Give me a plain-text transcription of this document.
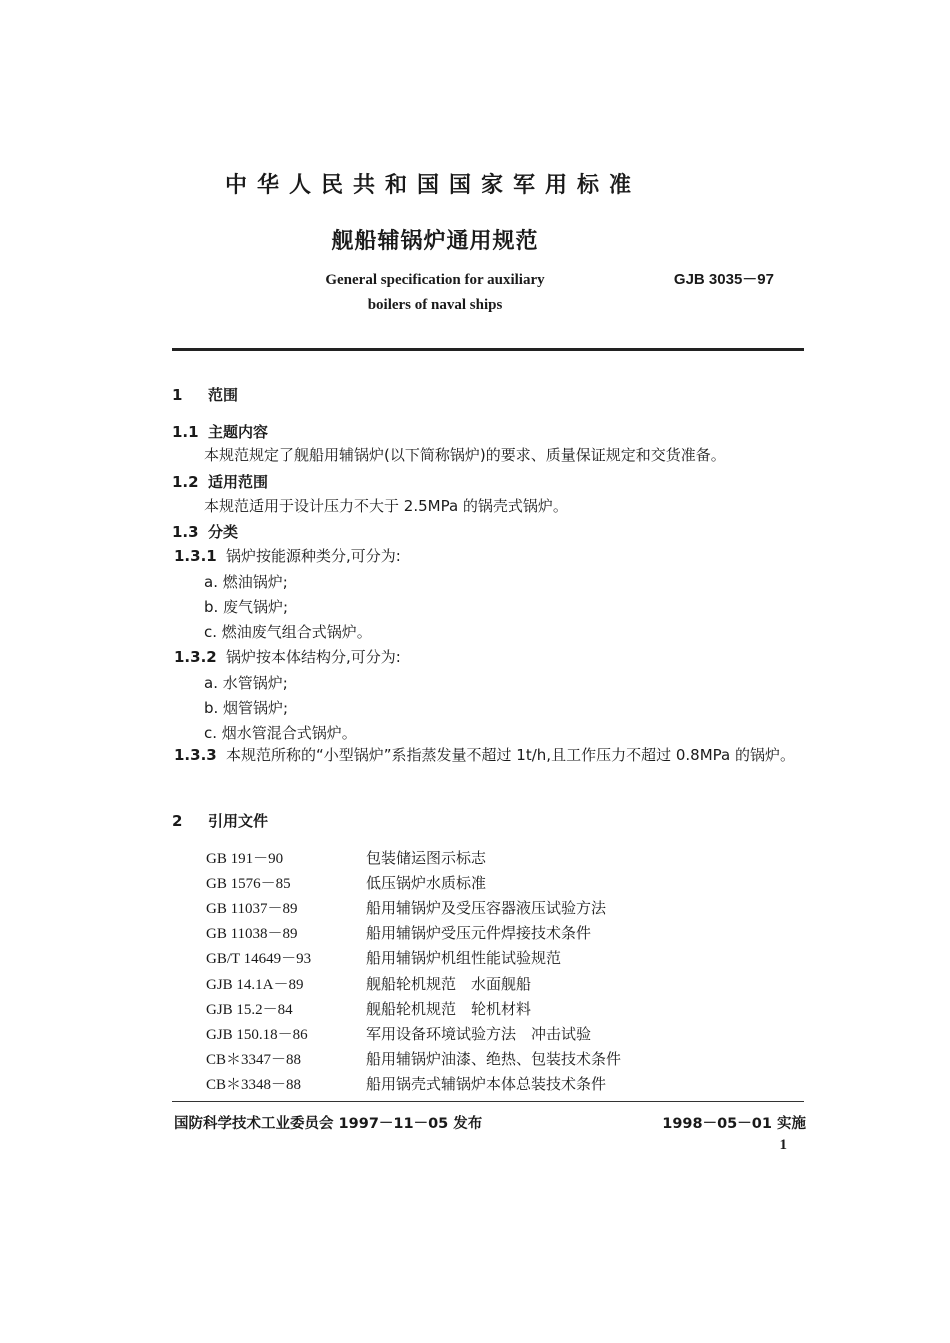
中华人民共和国国家军用标准
舰船辅锅炉通用规范
General specification for auxiliary
boilers of naval ships
GJB 3035－97
1 范围
1.1 主题内容
本规范规定了舰船用辅锅炉(以下简称锅炉)的要求、质量保证规定和交货准备。
1.2 适用范围
本规范适用于设计压力不大于 2.5MPa 的锅壳式锅炉。
1.3 分类
1.3.1 锅炉按能源种类分,可分为:
a. 燃油锅炉;
b. 废气锅炉;
c. 燃油废气组合式锅炉。
1.3.2 锅炉按本体结构分,可分为:
a. 水管锅炉;
b. 烟管锅炉;
c. 烟水管混合式锅炉。
1.3.3 本规范所称的“小型锅炉”系指蒸发量不超过 1t/h,且工作压力不超过 0.8MPa 的锅炉。
2 引用文件
GB 191－90	包装储运图示标志
GB 1576－85	低压锅炉水质标准
GB 11037－89	船用辅锅炉及受压容器液压试验方法
GB 11038－89	船用辅锅炉受压元件焊接技术条件
GB/T 14649－93	船用辅锅炉机组性能试验规范
GJB 14.1A－89	舰船轮机规范　水面舰船
GJB 15.2－84	舰船轮机规范　轮机材料
GJB 150.18－86	军用设备环境试验方法　冲击试验
CB＊3347－88	船用辅锅炉油漆、绝热、包装技术条件
CB＊3348－88	船用锅壳式辅锅炉本体总装技术条件
国防科学技术工业委员会 1997－11－05 发布	1998－05－01 实施
1
